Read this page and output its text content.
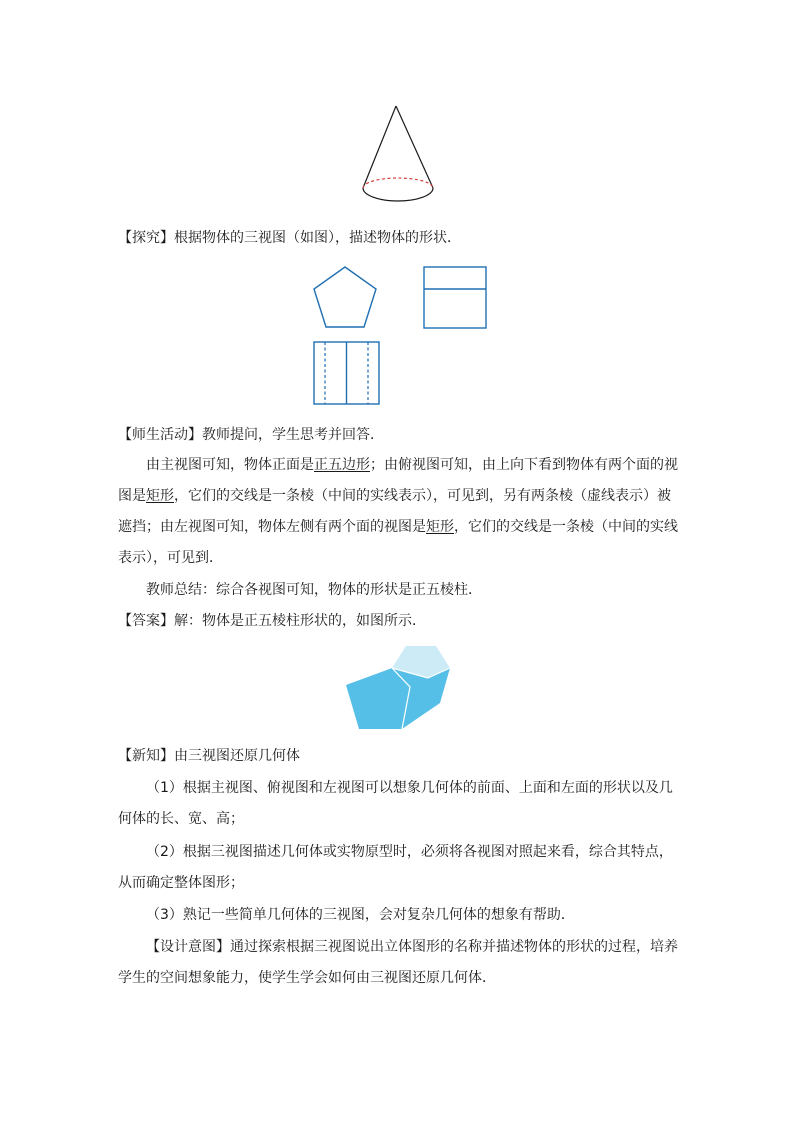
【探究】根据物体的三视图（如图），描述物体的形状．
【师生活动】教师提问，学生思考并回答．
由主视图可知，物体正面是正五边形；由俯视图可知，由上向下看到物体有两个面的视
图是矩形，它们的交线是一条棱（中间的实线表示），可见到，另有两条棱（虚线表示）被
遮挡；由左视图可知，物体左侧有两个面的视图是矩形，它们的交线是一条棱（中间的实线
表示），可见到．
教师总结：综合各视图可知，物体的形状是正五棱柱．
【答案】解：物体是正五棱柱形状的，如图所示．
【新知】由三视图还原几何体
（1）根据主视图、俯视图和左视图可以想象几何体的前面、上面和左面的形状以及几
何体的长、宽、高；
（2）根据三视图描述几何体或实物原型时，必须将各视图对照起来看，综合其特点，
从而确定整体图形；
（3）熟记一些简单几何体的三视图，会对复杂几何体的想象有帮助．
【设计意图】通过探索根据三视图说出立体图形的名称并描述物体的形状的过程，培养
学生的空间想象能力，使学生学会如何由三视图还原几何体．
